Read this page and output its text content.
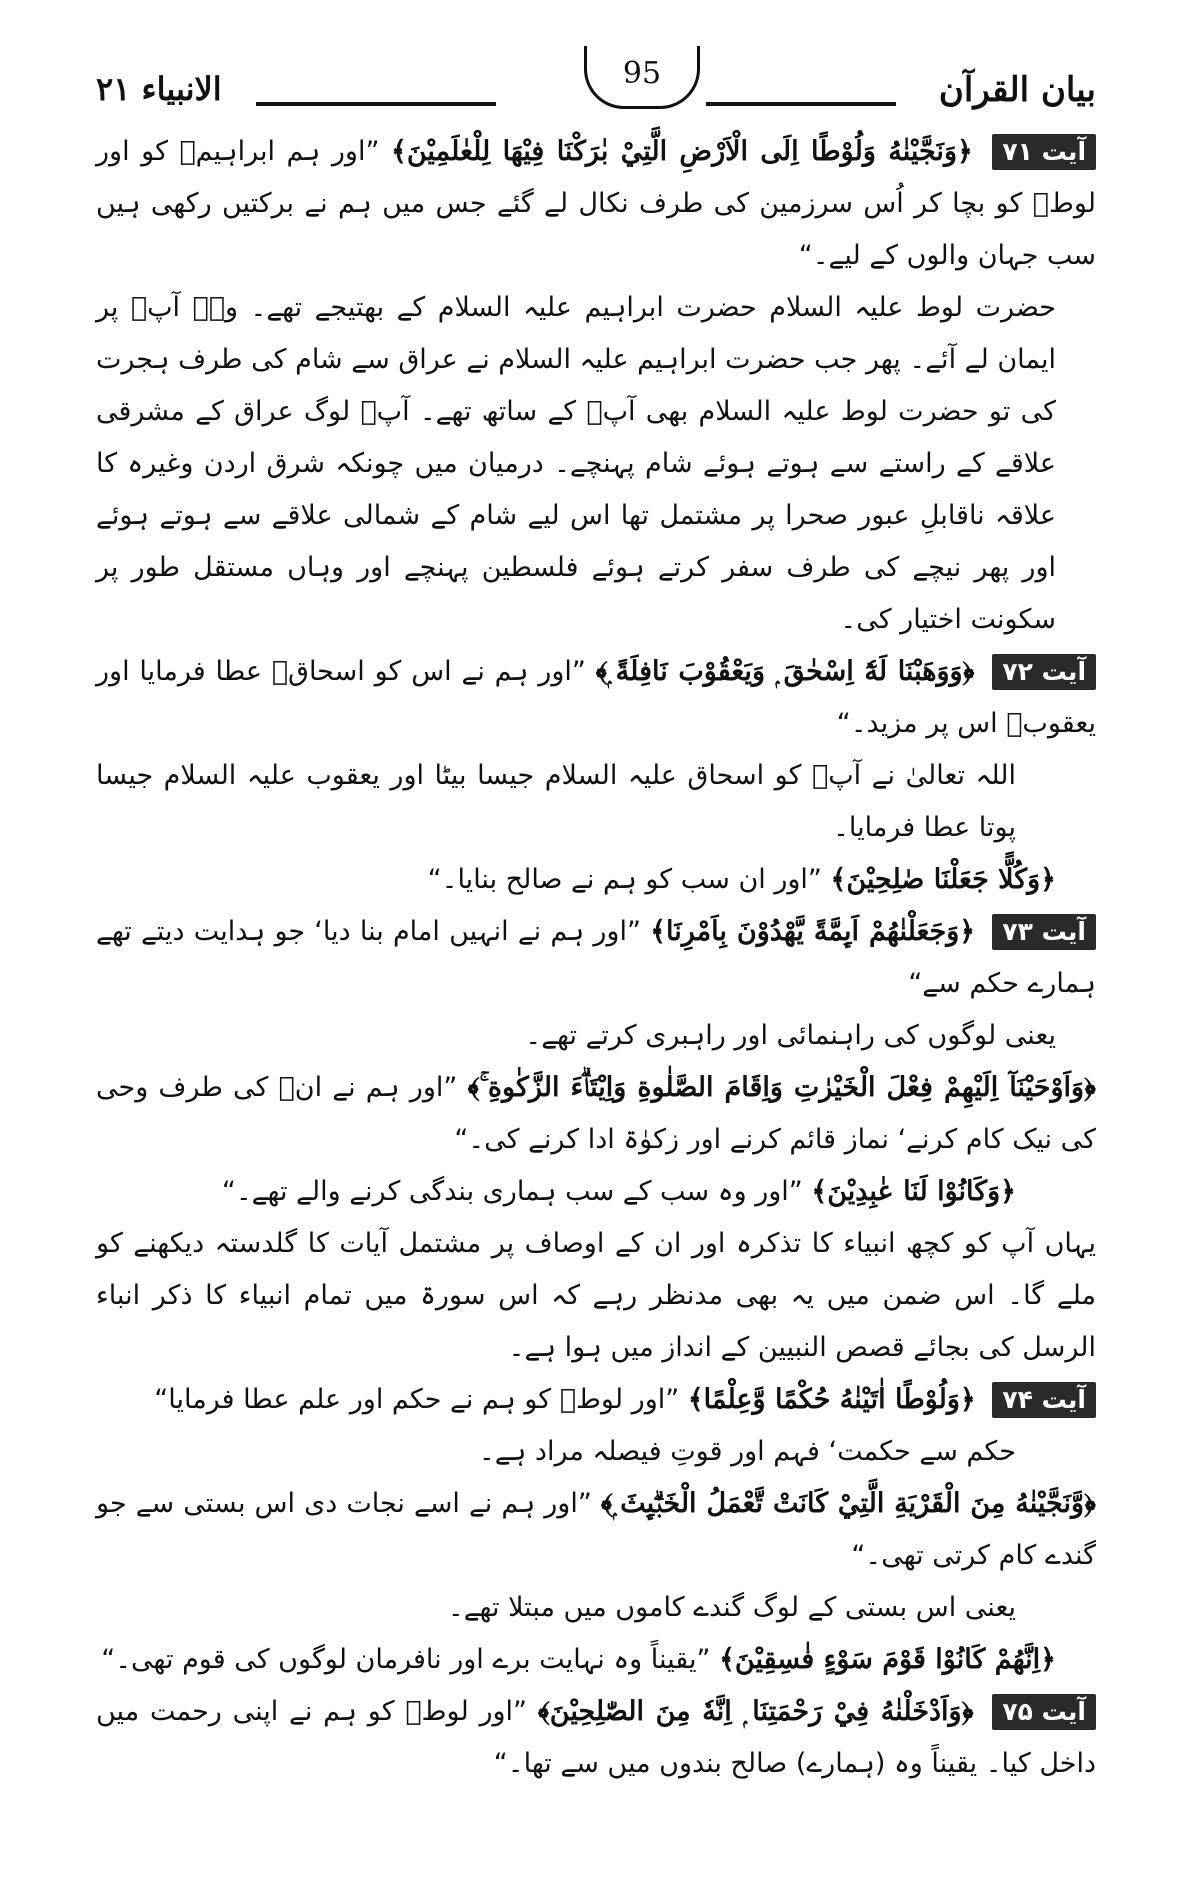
بیان القرآن
95
الانبیاء ۲۱

آیت ۷۱ ﴿وَنَجَّيْنٰهُ وَلُوْطًا اِلَى الْاَرْضِ الَّتِيْ بٰرَكْنَا فِيْهَا لِلْعٰلَمِيْنَ﴾ ”اور ہم ابراہیمؑ کو اور لوطؑ کو بچا کر اُس سرزمین کی طرف نکال لے گئے جس میں ہم نے برکتیں رکھی ہیں سب جہان والوں کے لیے۔“

حضرت لوط علیہ السلام حضرت ابراہیم علیہ السلام کے بھتیجے تھے۔ وہؑ آپؑ پر ایمان لے آئے۔ پھر جب حضرت ابراہیم علیہ السلام نے عراق سے شام کی طرف ہجرت کی تو حضرت لوط علیہ السلام بھی آپؑ کے ساتھ تھے۔ آپؑ لوگ عراق کے مشرقی علاقے کے راستے سے ہوتے ہوئے شام پہنچے۔ درمیان میں چونکہ شرق اردن وغیرہ کا علاقہ ناقابلِ عبور صحرا پر مشتمل تھا اس لیے شام کے شمالی علاقے سے ہوتے ہوئے اور پھر نیچے کی طرف سفر کرتے ہوئے فلسطین پہنچے اور وہاں مستقل طور پر سکونت اختیار کی۔

آیت ۷۲ ﴿وَوَهَبْنَا لَهٗٓ اِسْحٰقَ ۭ وَيَعْقُوْبَ نَافِلَةً ۭ﴾ ”اور ہم نے اس کو اسحاقؑ عطا فرمایا اور یعقوبؑ اس پر مزید۔“

اللہ تعالیٰ نے آپؑ کو اسحاق علیہ السلام جیسا بیٹا اور یعقوب علیہ السلام جیسا پوتا عطا فرمایا۔

﴿وَكُلًّا جَعَلْنَا صٰلِحِيْنَ﴾ ”اور ان سب کو ہم نے صالح بنایا۔“

آیت ۷۳ ﴿وَجَعَلْنٰهُمْ اَىِٕمَّةً يَّهْدُوْنَ بِاَمْرِنَا﴾ ”اور ہم نے انہیں امام بنا دیا‘ جو ہدایت دیتے تھے ہمارے حکم سے“

یعنی لوگوں کی راہنمائی اور راہبری کرتے تھے۔

﴿وَاَوْحَيْنَآ اِلَيْهِمْ فِعْلَ الْخَيْرٰتِ وَاِقَامَ الصَّلٰوةِ وَاِيْتَاۗءَ الزَّكٰوةِ ۚ﴾ ”اور ہم نے انؑ کی طرف وحی کی نیک کام کرنے‘ نماز قائم کرنے اور زکوٰۃ ادا کرنے کی۔“

﴿وَكَانُوْا لَنَا عٰبِدِيْنَ﴾ ”اور وہ سب کے سب ہماری بندگی کرنے والے تھے۔“

یہاں آپ کو کچھ انبیاء کا تذکرہ اور ان کے اوصاف پر مشتمل آیات کا گلدستہ دیکھنے کو ملے گا۔ اس ضمن میں یہ بھی مدنظر رہے کہ اس سورۃ میں تمام انبیاء کا ذکر انباء الرسل کی بجائے قصص النبیین کے انداز میں ہوا ہے۔

آیت ۷۴ ﴿وَلُوْطًا اٰتَيْنٰهُ حُكْمًا وَّعِلْمًا﴾ ”اور لوطؑ کو ہم نے حکم اور علم عطا فرمایا“

حکم سے حکمت‘ فہم اور قوتِ فیصلہ مراد ہے۔

﴿وَّنَجَّيْنٰهُ مِنَ الْقَرْيَةِ الَّتِيْ كَانَتْ تَّعْمَلُ الْخَبٰۗىِٕثَ ۭ﴾ ”اور ہم نے اسے نجات دی اس بستی سے جو گندے کام کرتی تھی۔“

یعنی اس بستی کے لوگ گندے کاموں میں مبتلا تھے۔

﴿اِنَّهُمْ كَانُوْا قَوْمَ سَوْءٍ فٰسِقِيْنَ﴾ ”یقیناً وہ نہایت برے اور نافرمان لوگوں کی قوم تھی۔“

آیت ۷۵ ﴿وَاَدْخَلْنٰهُ فِيْ رَحْمَتِنَا ۭ اِنَّهٗ مِنَ الصّٰلِحِيْنَ﴾ ”اور لوطؑ کو ہم نے اپنی رحمت میں داخل کیا۔ یقیناً وہ (ہمارے) صالح بندوں میں سے تھا۔“
